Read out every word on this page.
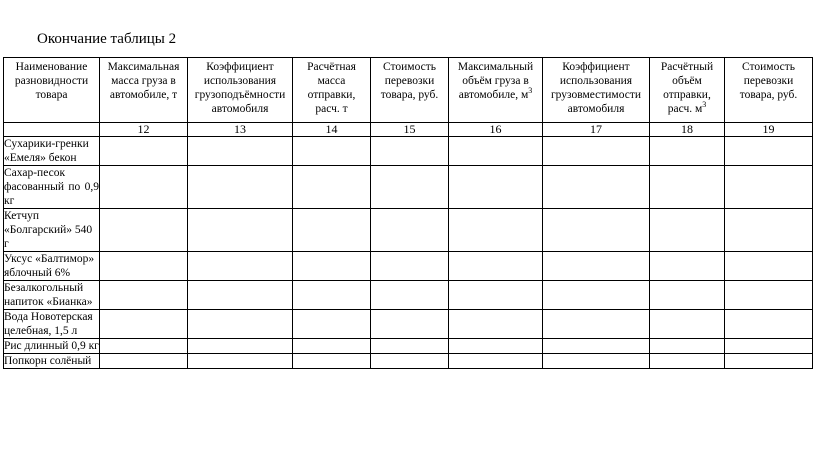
Окончание таблицы 2
Наименование разновидности товара	Максимальная масса груза в автомобиле, т	Коэффициент использования грузоподъёмности автомобиля	Расчётная масса отправки, расч. т	Стоимость перевозки товара, руб.	Максимальный объём груза в автомобиле, $м^3$	Коэффициент использования грузовместимости автомобиля	Расчётный объём отправки, расч. $м^3$	Стоимость перевозки товара, руб.
	12	13	14	15	16	17	18	19
Сухарики-гренки «Емеля» бекон								
Сахар-песок фасованный по 0,9 кг								
Кетчуп «Болгарский» 540 г								
Уксус «Балтимор» яблочный 6%								
Безалкогольный напиток «Бианка»								
Вода Новотерская целебная, 1,5 л								
Рис длинный 0,9 кг								
Попкорн солёный								
